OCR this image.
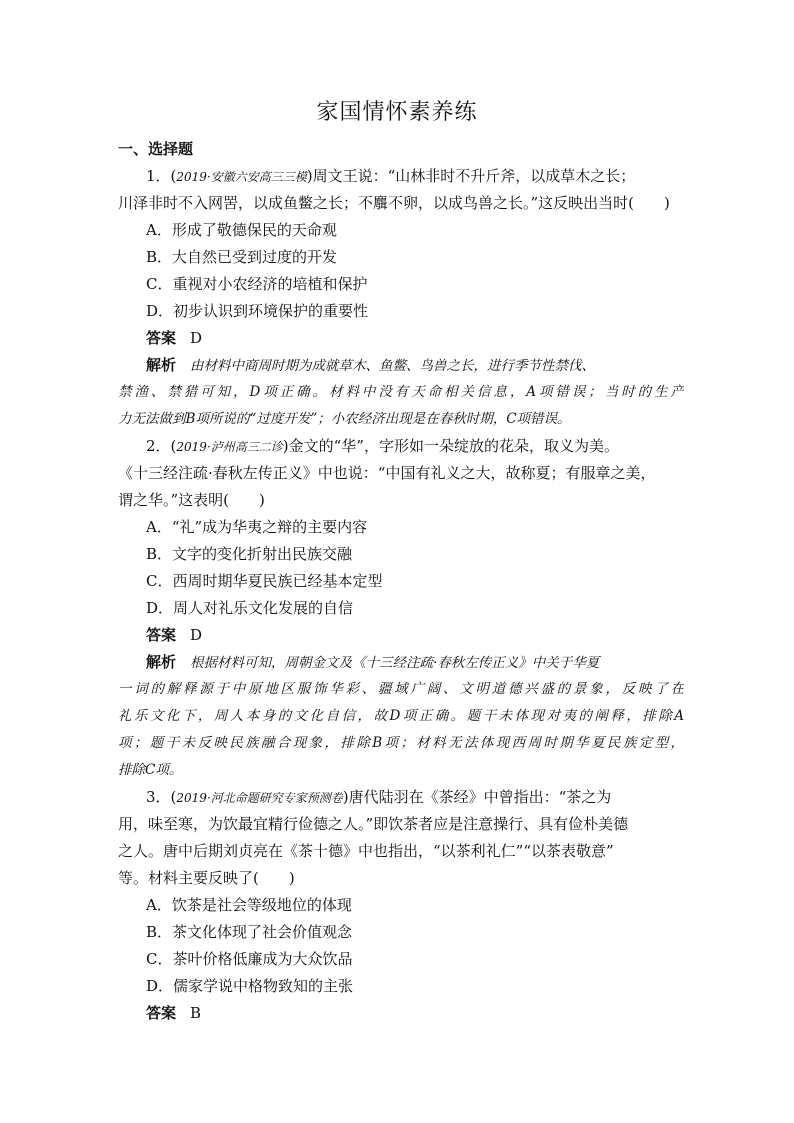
家国情怀素养练
一、选择题
1．(2019·安徽六安高三三模)周文王说：“山林非时不升斤斧，以成草木之长；
川泽非时不入网罟，以成鱼鳖之长；不麛不卵，以成鸟兽之长。”这反映出当时(　　)
A．形成了敬德保民的天命观
B．大自然已受到过度的开发
C．重视对小农经济的培植和保护
D．初步认识到环境保护的重要性
答案 D
解析 由材料中商周时期为成就草木、鱼鳖、鸟兽之长，进行季节性禁伐、
禁渔、禁猎可知，D项正确。材料中没有天命相关信息，A项错误；当时的生产
力无法做到B项所说的“过度开发”；小农经济出现是在春秋时期，C项错误。
2．(2019·泸州高三二诊)金文的“华”，字形如一朵绽放的花朵，取义为美。
《十三经注疏·春秋左传正义》中也说：“中国有礼义之大，故称夏；有服章之美，
谓之华。”这表明(　　)
A．“礼”成为华夷之辩的主要内容
B．文字的变化折射出民族交融
C．西周时期华夏民族已经基本定型
D．周人对礼乐文化发展的自信
答案 D
解析 根据材料可知，周朝金文及《十三经注疏·春秋左传正义》中关于华夏
一词的解释源于中原地区服饰华彩、疆域广阔、文明道德兴盛的景象，反映了在
礼乐文化下，周人本身的文化自信，故D项正确。题干未体现对夷的阐释，排除A
项；题干未反映民族融合现象，排除B项；材料无法体现西周时期华夏民族定型，
排除C项。
3．(2019·河北命题研究专家预测卷)唐代陆羽在《茶经》中曾指出：“茶之为
用，味至寒，为饮最宜精行俭德之人。”即饮茶者应是注意操行、具有俭朴美德
之人。唐中后期刘贞亮在《茶十德》中也指出，“以茶利礼仁”“以茶表敬意”
等。材料主要反映了(　　)
A．饮茶是社会等级地位的体现
B．茶文化体现了社会价值观念
C．茶叶价格低廉成为大众饮品
D．儒家学说中格物致知的主张
答案 B
